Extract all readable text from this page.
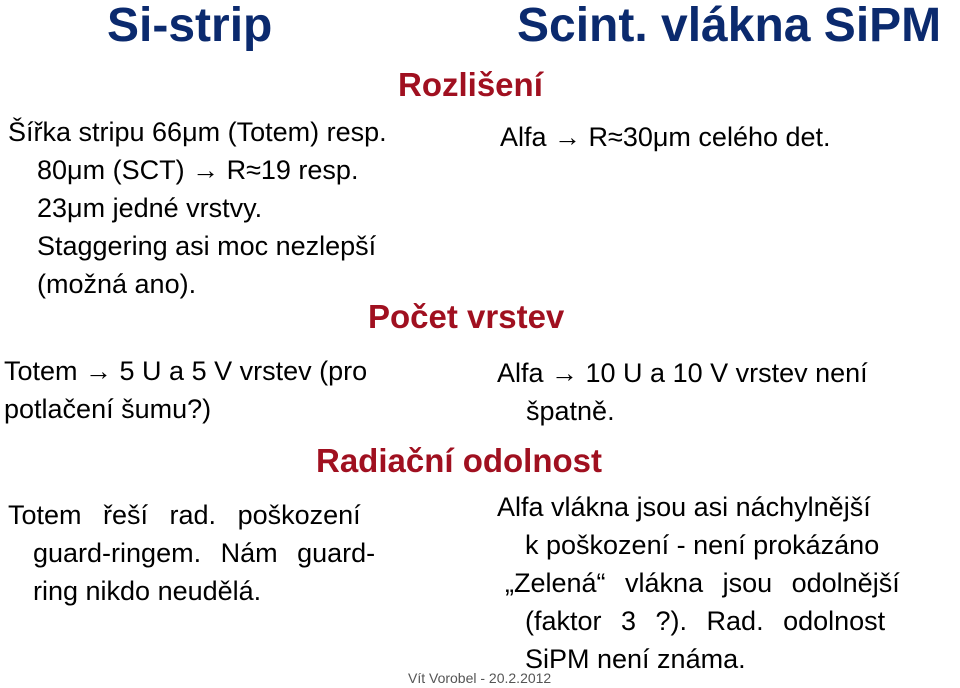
Si-strip	Scint. vlákna SiPM
Rozlišení
Šířka stripu 66μm (Totem) resp.
80μm (SCT) → R≈19 resp.
23μm jedné vrstvy.
Staggering asi moc nezlepší
(možná ano).
Alfa → R≈30μm celého det.
Počet vrstev
Totem → 5 U a 5 V vrstev (pro
potlačení šumu?)
Alfa → 10 U a 10 V vrstev není
špatně.
Radiační odolnost
Totem řeší rad. poškození
guard-ringem. Nám guard-
ring nikdo neudělá.
Alfa vlákna jsou asi náchylnější
k poškození - není prokázáno
„Zelená“ vlákna jsou odolnější
(faktor 3 ?). Rad. odolnost
SiPM není známa.
Vít Vorobel - 20.2.2012
